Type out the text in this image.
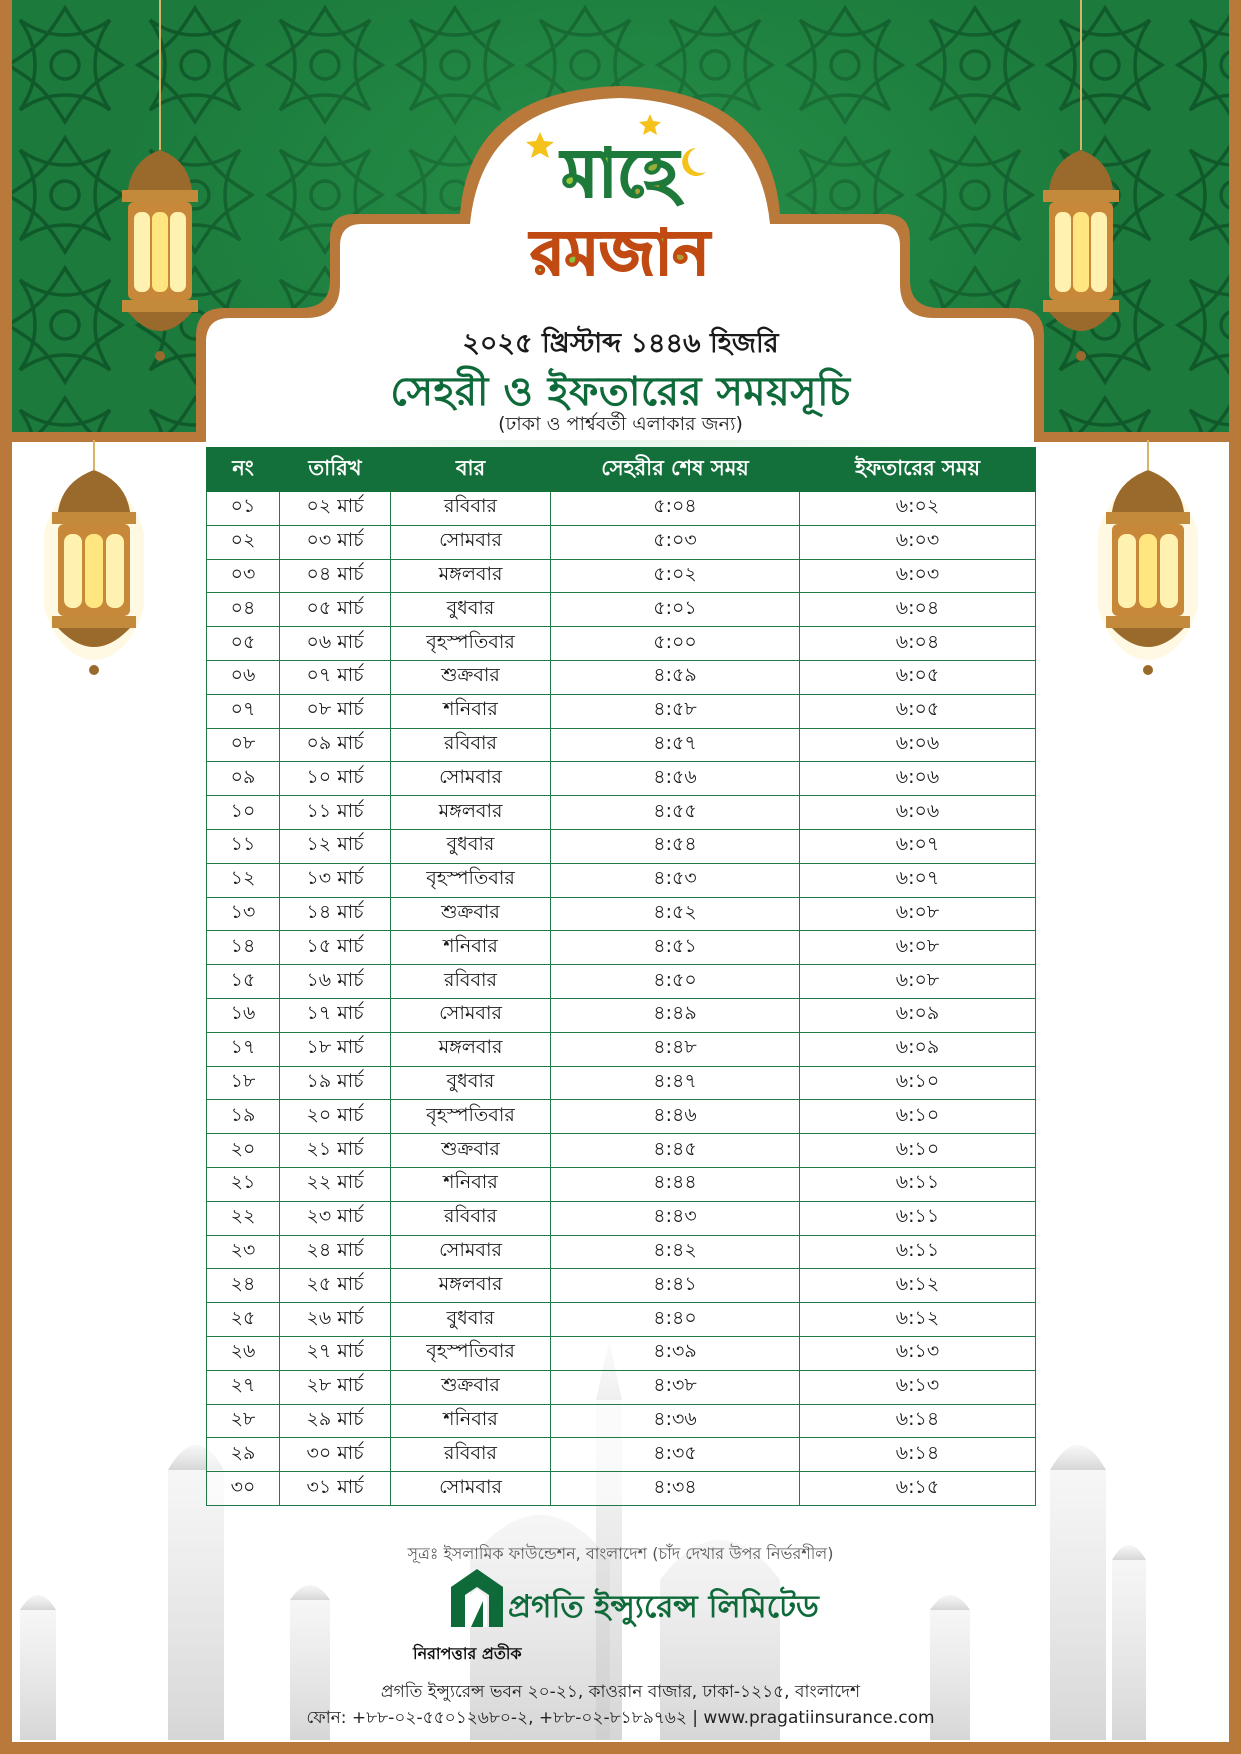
মাহে
রমজান
২০২৫ খ্রিস্টাব্দ ১৪৪৬ হিজরি
সেহরী ও ইফতারের সময়সূচি
(ঢাকা ও পার্শ্ববর্তী এলাকার জন্য)
নং	তারিখ	বার	সেহরীর শেষ সময়	ইফতারের সময়
০১	০২ মার্চ	রবিবার	৫:০৪	৬:০২
০২	০৩ মার্চ	সোমবার	৫:০৩	৬:০৩
০৩	০৪ মার্চ	মঙ্গলবার	৫:০২	৬:০৩
০৪	০৫ মার্চ	বুধবার	৫:০১	৬:০৪
০৫	০৬ মার্চ	বৃহস্পতিবার	৫:০০	৬:০৪
০৬	০৭ মার্চ	শুক্রবার	৪:৫৯	৬:০৫
০৭	০৮ মার্চ	শনিবার	৪:৫৮	৬:০৫
০৮	০৯ মার্চ	রবিবার	৪:৫৭	৬:০৬
০৯	১০ মার্চ	সোমবার	৪:৫৬	৬:০৬
১০	১১ মার্চ	মঙ্গলবার	৪:৫৫	৬:০৬
১১	১২ মার্চ	বুধবার	৪:৫৪	৬:০৭
১২	১৩ মার্চ	বৃহস্পতিবার	৪:৫৩	৬:০৭
১৩	১৪ মার্চ	শুক্রবার	৪:৫২	৬:০৮
১৪	১৫ মার্চ	শনিবার	৪:৫১	৬:০৮
১৫	১৬ মার্চ	রবিবার	৪:৫০	৬:০৮
১৬	১৭ মার্চ	সোমবার	৪:৪৯	৬:০৯
১৭	১৮ মার্চ	মঙ্গলবার	৪:৪৮	৬:০৯
১৮	১৯ মার্চ	বুধবার	৪:৪৭	৬:১০
১৯	২০ মার্চ	বৃহস্পতিবার	৪:৪৬	৬:১০
২০	২১ মার্চ	শুক্রবার	৪:৪৫	৬:১০
২১	২২ মার্চ	শনিবার	৪:৪৪	৬:১১
২২	২৩ মার্চ	রবিবার	৪:৪৩	৬:১১
২৩	২৪ মার্চ	সোমবার	৪:৪২	৬:১১
২৪	২৫ মার্চ	মঙ্গলবার	৪:৪১	৬:১২
২৫	২৬ মার্চ	বুধবার	৪:৪০	৬:১২
২৬	২৭ মার্চ	বৃহস্পতিবার	৪:৩৯	৬:১৩
২৭	২৮ মার্চ	শুক্রবার	৪:৩৮	৬:১৩
২৮	২৯ মার্চ	শনিবার	৪:৩৬	৬:১৪
২৯	৩০ মার্চ	রবিবার	৪:৩৫	৬:১৪
৩০	৩১ মার্চ	সোমবার	৪:৩৪	৬:১৫
সূত্রঃ ইসলামিক ফাউন্ডেশন, বাংলাদেশ (চাঁদ দেখার উপর নির্ভরশীল)
প্রগতি ইন্স্যুরেন্স লিমিটেড
নিরাপত্তার প্রতীক
প্রগতি ইন্স্যুরেন্স ভবন ২০-২১, কাওরান বাজার, ঢাকা-১২১৫, বাংলাদেশ
ফোন: +৮৮-০২-৫৫০১২৬৮০-২, +৮৮-০২-৮১৮৯৭৬২ | www.pragatiinsurance.com
